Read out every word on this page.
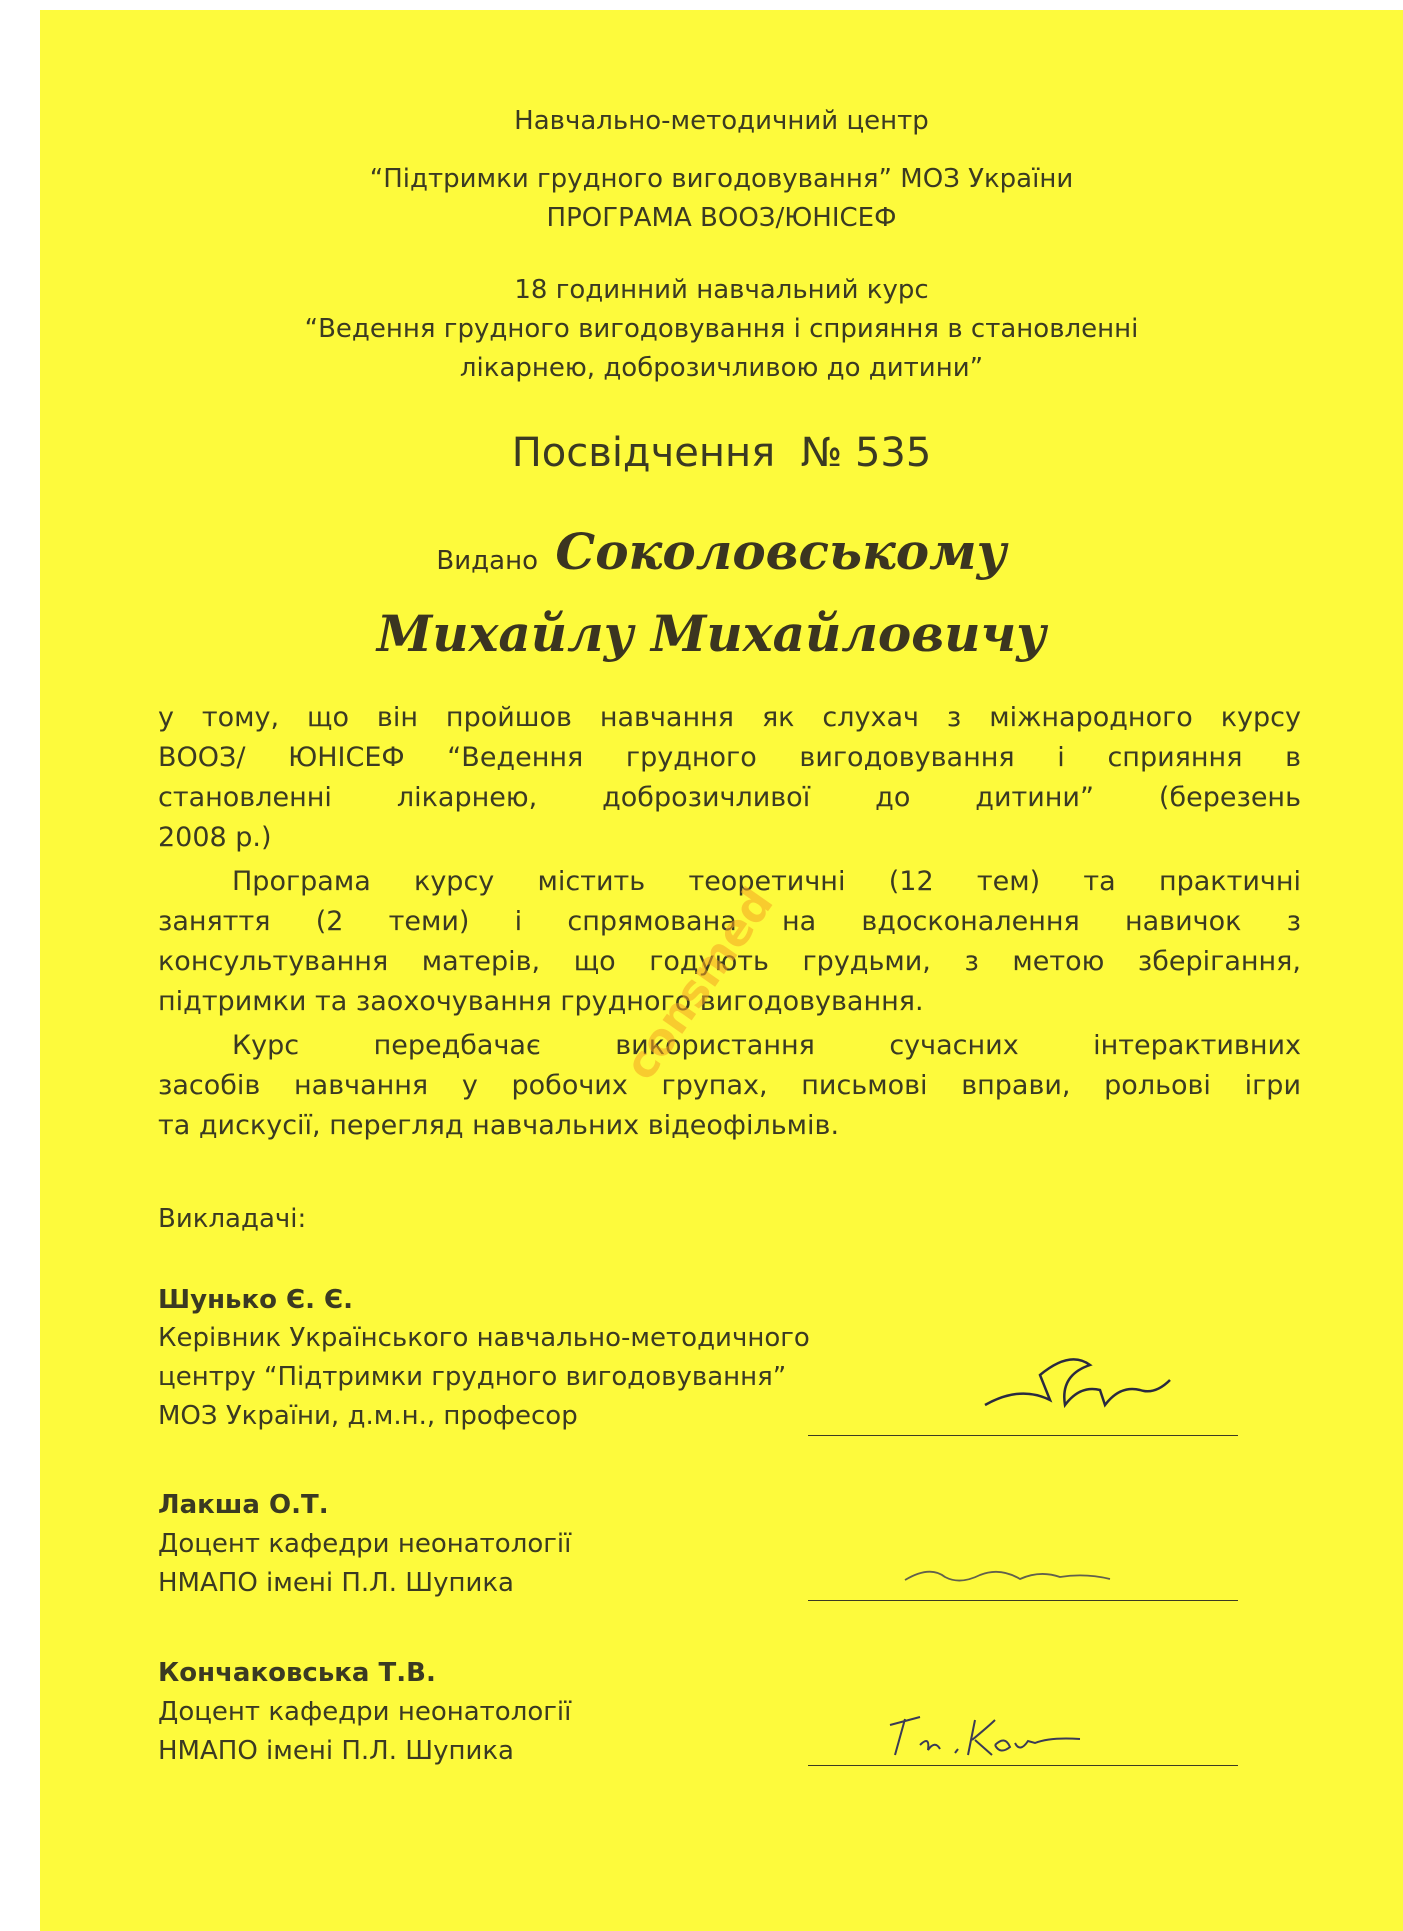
Навчально-методичний центр
“Підтримки грудного вигодовування” МОЗ України
ПРОГРАМА ВООЗ/ЮНІСЕФ
18 годинний навчальний курс
“Ведення грудного вигодовування і сприяння в становленні
лікарнею, доброзичливою до дитини”
Посвідчення  № 535
Видано Соколовському
Михайлу Михайловичу
у тому, що він пройшов навчання як слухач з міжнародного курсу
ВООЗ/ ЮНІСЕФ “Ведення грудного вигодовування і сприяння в
становленні лікарнею, доброзичливої до дитини” (березень
2008 р.)
Програма курсу містить теоретичні (12 тем) та практичні
заняття (2 теми) і спрямована на вдосконалення навичок з
консультування матерів, що годують грудьми, з метою зберігання,
підтримки та заохочування грудного вигодовування.
Курс передбачає використання сучасних інтерактивних
засобів навчання у робочих групах, письмові вправи, рольові ігри
та дискусії, перегляд навчальних відеофільмів.
consmed
Викладачі:
Шунько Є. Є.
Керівник Українського навчально-методичного
центру “Підтримки грудного вигодовування”
МОЗ України, д.м.н., професор
Лакша О.Т.
Доцент кафедри неонатології
НМАПО імені П.Л. Шупика
Кончаковська Т.В.
Доцент кафедри неонатології
НМАПО імені П.Л. Шупика
